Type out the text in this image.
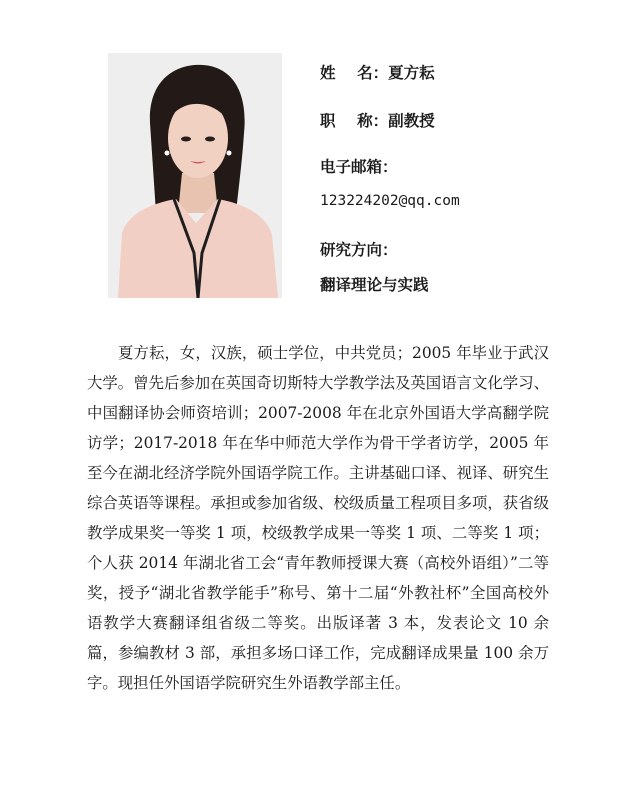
姓    名：夏方耘
职    称：副教授
电子邮箱：
123224202@qq.com
研究方向：
翻译理论与实践

夏方耘，女，汉族，硕士学位，中共党员；2005 年毕业于武汉大学。曾先后参加在英国奇切斯特大学教学法及英国语言文化学习、中国翻译协会师资培训；2007-2008 年在北京外国语大学高翻学院访学；2017-2018 年在华中师范大学作为骨干学者访学，2005 年至今在湖北经济学院外国语学院工作。主讲基础口译、视译、研究生综合英语等课程。承担或参加省级、校级质量工程项目多项，获省级教学成果奖一等奖 1 项，校级教学成果一等奖 1 项、二等奖 1 项；个人获 2014 年湖北省工会“青年教师授课大赛（高校外语组）”二等奖，授予“湖北省教学能手”称号、第十二届“外教社杯”全国高校外语教学大赛翻译组省级二等奖。出版译著 3 本，发表论文 10 余篇，参编教材 3 部，承担多场口译工作，完成翻译成果量 100 余万字。现担任外国语学院研究生外语教学部主任。
